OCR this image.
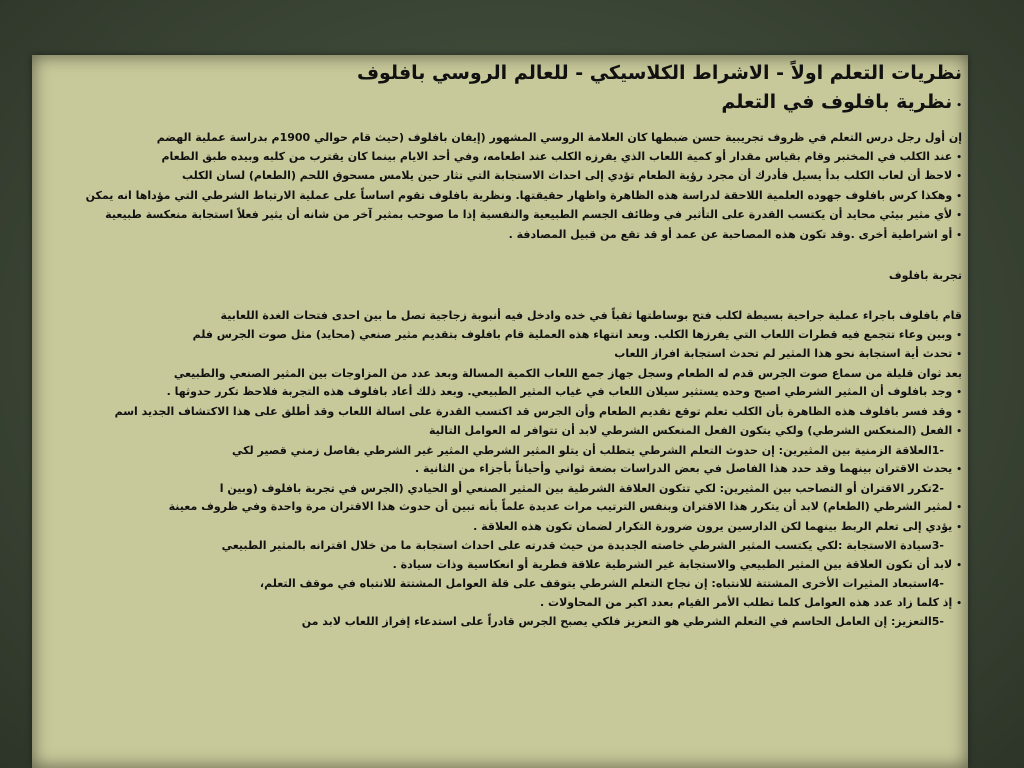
نظريات التعلم اولاً - الاشراط الكلاسيكي - للعالم الروسي بافلوف
•نظرية بافلوف في التعلم
إن أول رجل درس التعلم في ظروف تجريبية حسن ضبطها كان العلامة الروسي المشهور (إيفان بافلوف (حيث قام حوالي 1900م بدراسة عملية الهضم
•عند الكلب في المختبر وقام بقياس مقدار أو كمية اللعاب الذي يفرزه الكلب عند اطعامه، وفي أحد الايام بينما كان يقترب من كلبه وبيده طبق الطعام
•لاحظ أن لعاب الكلب بدأ يسيل فأدرك أن مجرد رؤية الطعام تؤدي إلى احداث الاستجابة التي تثار حين يلامس مسحوق اللحم (الطعام) لسان الكلب
•وهكذا كرس بافلوف جهوده العلمية اللاحقة لدراسة هذه الظاهرة واظهار حقيقتها. ونظرية بافلوف تقوم اساساً على عملية الارتباط الشرطي التي مؤداها انه يمكن
•لأي مثير بيئي محايد أن يكتسب القدرة على التأثير في وظائف الجسم الطبيعية والنفسية إذا ما صوحب بمثير آخر من شانه أن يثير فعلاً استجابة منعكسة طبيعية
•أو اشراطية أخرى .وقد تكون هذه المصاحبة عن عمد أو قد تقع من قبيل المصادفة .

تجربة بافلوف

قام بافلوف باجراء عملية جراحية بسيطة لكلب فتح بوساطتها ثقباً في خده وادخل فيه أنبوبة زجاجية تصل ما بين احدى فتحات الغدة اللعابية
•وبين وعاء تتجمع فيه قطرات اللعاب التي يفرزها الكلب. وبعد انتهاء هذه العملية قام بافلوف بتقديم مثير صنعي (محايد) مثل صوت الجرس فلم
•تحدث أية استجابة نحو هذا المثير لم تحدث استجابة افراز اللعاب
بعد ثوان قليلة من سماع صوت الجرس قدم له الطعام وسجل جهاز جمع اللعاب الكمية المسالة وبعد عدد من المزاوجات بين المثير الصنعي والطبيعي
•وجد بافلوف أن المثير الشرطي اصبح وحده يستثير سيلان اللعاب في غياب المثير الطبيعي. وبعد ذلك أعاد بافلوف هذه التجربة فلاحظ تكرر حدوثها .
•وقد فسر بافلوف هذه الظاهرة بأن الكلب تعلم توقع تقديم الطعام وأن الجرس قد اكتسب القدرة على اسالة اللعاب وقد أطلق على هذا الاكتشاف الجديد اسم
•الفعل (المنعكس الشرطي) ولكي يتكون الفعل المنعكس الشرطي لابد أن تتوافر له العوامل التالية
-1العلاقة الزمنية بين المثيرين: إن حدوث التعلم الشرطي يتطلب أن يتلو المثير الشرطي المثير غير الشرطي بفاصل زمني قصير لكي
•يحدث الاقتران بينهما وقد حدد هذا الفاصل في بعض الدراسات بضعة ثواني وأحياناً بأجزاء من الثانية .
-2تكرر الاقتران أو التصاحب بين المثيرين: لكي تتكون العلاقة الشرطية بين المثير الصنعي أو الحيادي (الجرس في تجربة بافلوف (وبين ا
•لمثير الشرطي (الطعام) لابد أن يتكرر هذا الاقتران وبنفس الترتيب مرات عديدة علماً بأنه تبين أن حدوث هذا الاقتران مرة واحدة وفي ظروف معينة
•يؤدي إلى تعلم الربط بينهما لكن الدارسين يرون ضرورة التكرار لضمان تكون هذه العلاقة .
-3سيادة الاستجابة :لكي يكتسب المثير الشرطي خاصته الجديدة من حيث قدرته على احداث استجابة ما من خلال اقترانه بالمثير الطبيعي
•لابد أن تكون العلاقة بين المثير الطبيعي والاستجابة غير الشرطية علاقة فطرية أو انعكاسية وذات سيادة .
-4استبعاد المثيرات الأخرى المشتتة للانتباه: إن نجاح التعلم الشرطي يتوقف على قلة العوامل المشتتة للانتباه في موقف التعلم،
•إذ كلما زاد عدد هذه العوامل كلما تطلب الأمر القيام بعدد اكبر من المحاولات .
-5التعزيز: إن العامل الحاسم في التعلم الشرطي هو التعزيز فلكي يصبح الجرس قادراً على استدعاء إفراز اللعاب لابد من
